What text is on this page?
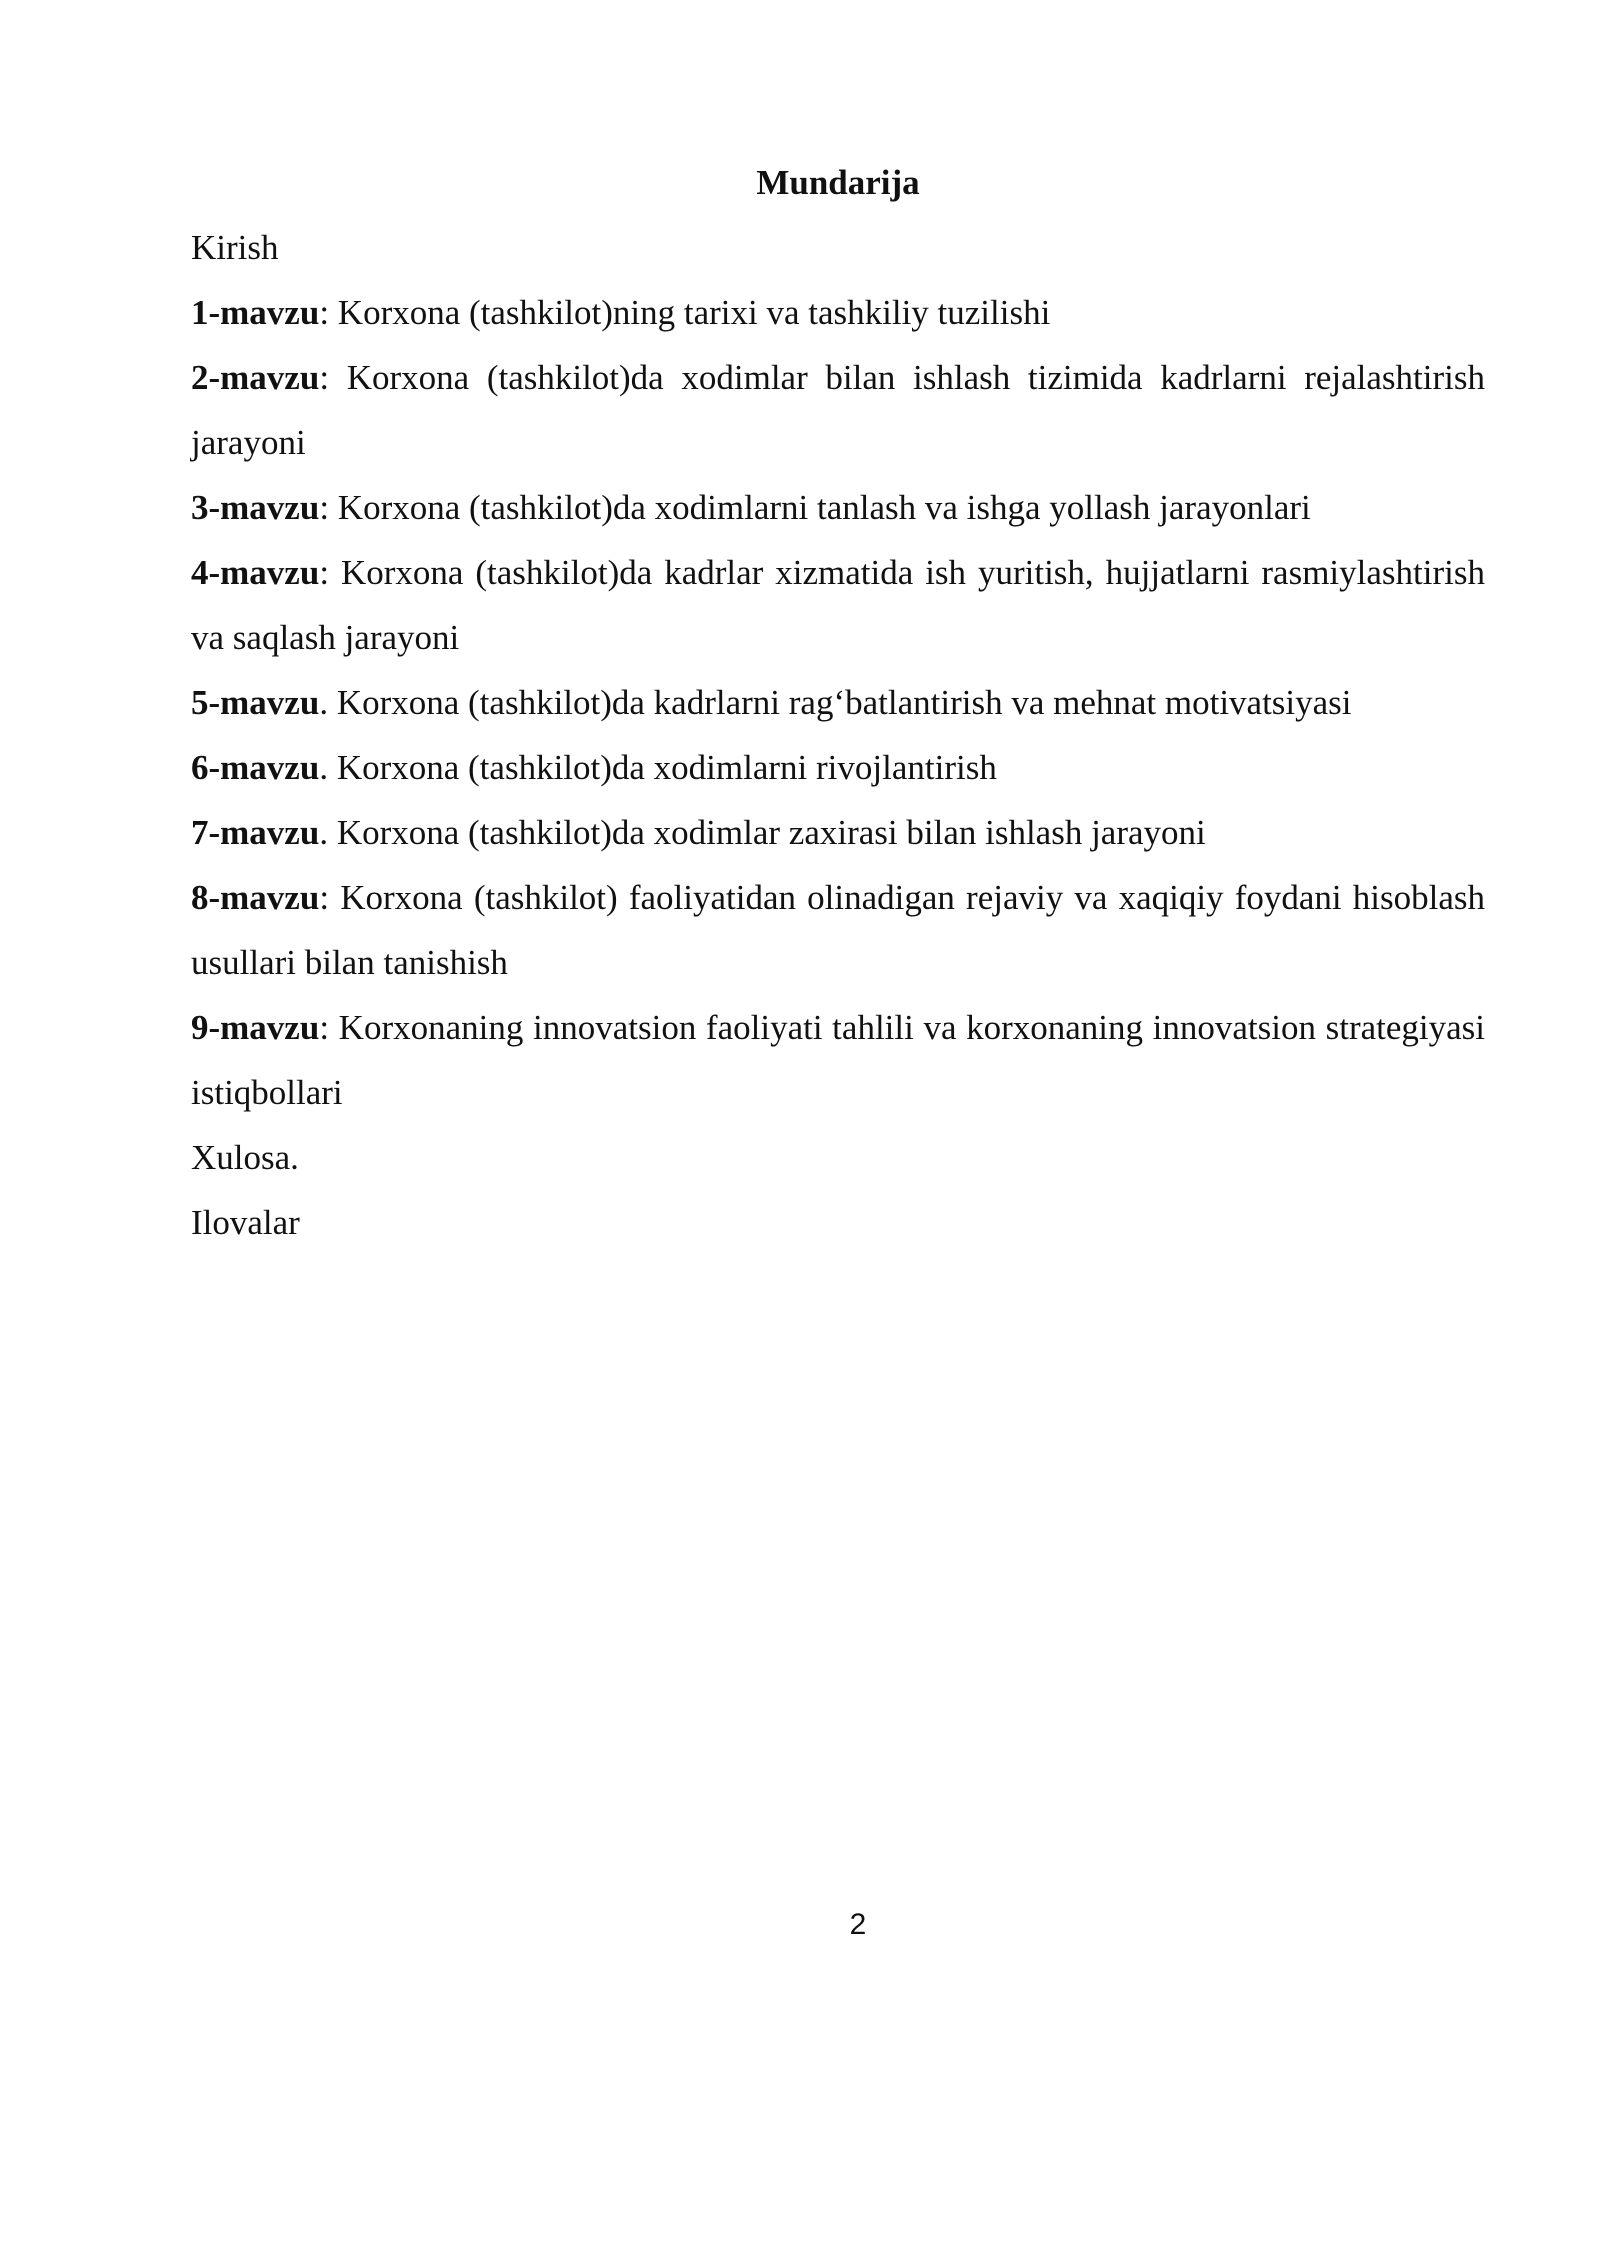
Mundarija

Kirish

1-mavzu: Korxona (tashkilot)ning tarixi va tashkiliy tuzilishi

2-mavzu: Korxona (tashkilot)da xodimlar bilan ishlash tizimida kadrlarni rejalashtirish jarayoni

3-mavzu: Korxona (tashkilot)da xodimlarni tanlash va ishga yollash jarayonlari

4-mavzu: Korxona (tashkilot)da kadrlar xizmatida ish yuritish, hujjatlarni rasmiylashtirish va saqlash jarayoni

5-mavzu. Korxona (tashkilot)da kadrlarni rag‘batlantirish va mehnat motivatsiyasi

6-mavzu. Korxona (tashkilot)da xodimlarni rivojlantirish

7-mavzu. Korxona (tashkilot)da xodimlar zaxirasi bilan ishlash jarayoni

8-mavzu: Korxona (tashkilot) faoliyatidan olinadigan rejaviy va xaqiqiy foydani hisoblash usullari bilan tanishish

9-mavzu: Korxonaning innovatsion faoliyati tahlili va korxonaning innovatsion strategiyasi istiqbollari

Xulosa.

Ilovalar

2
